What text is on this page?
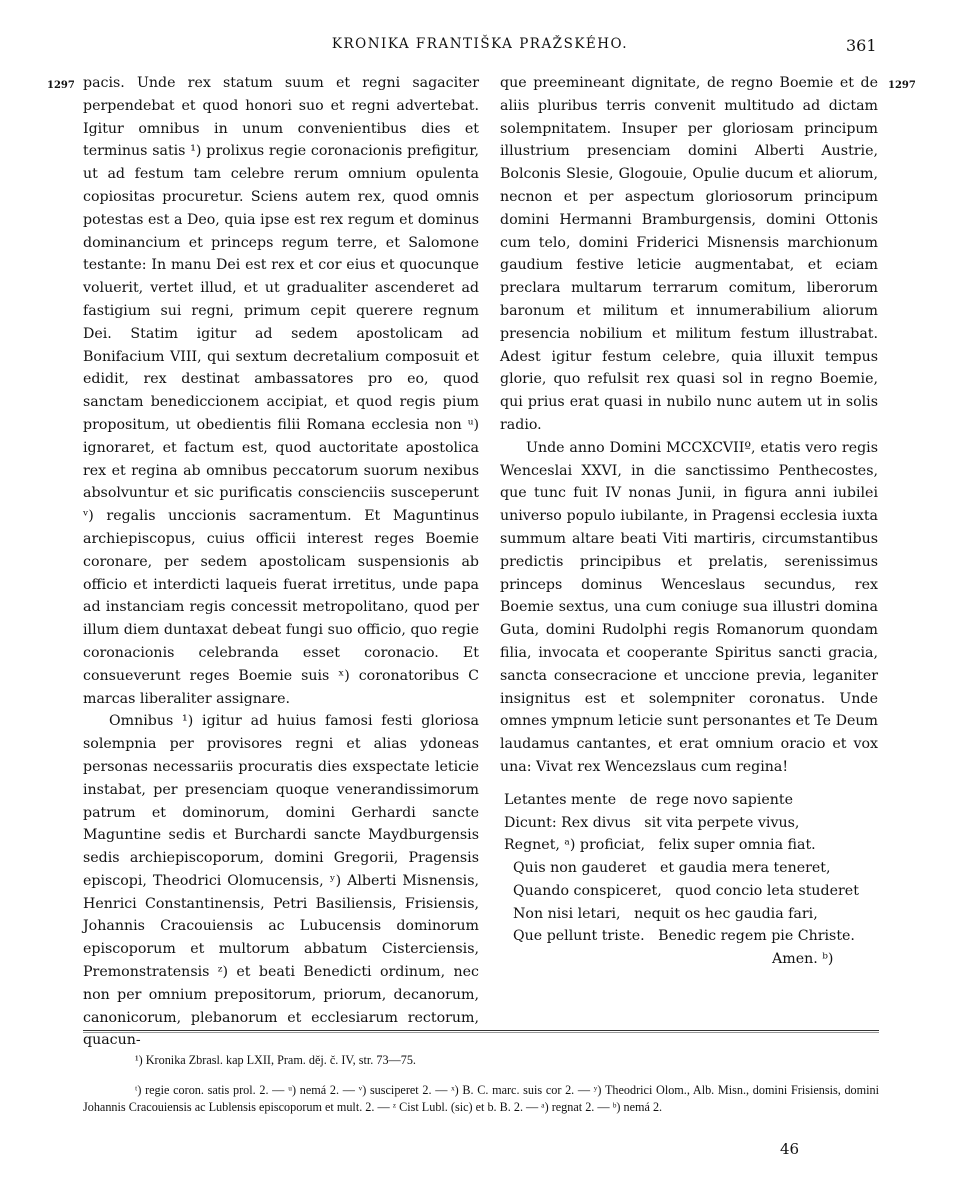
KRONIKA FRANTIŠKA PRAŽSKÉHO.	361
1297	1297

pacis. Unde rex statum suum et regni sagaciter perpendebat et quod honori suo et regni advertebat. Igitur omnibus in unum convenientibus dies et terminus satis ¹) prolixus regie coronacionis prefigitur, ut ad festum tam celebre rerum omnium opulenta copiositas procuretur. Sciens autem rex, quod omnis potestas est a Deo, quia ipse est rex regum et dominus dominancium et princeps regum terre, et Salomone testante: In manu Dei est rex et cor eius et quocunque voluerit, vertet illud, et ut gradualiter ascenderet ad fastigium sui regni, primum cepit querere regnum Dei. Statim igitur ad sedem apostolicam ad Bonifacium VIII, qui sextum decretalium composuit et edidit, rex destinat ambassatores pro eo, quod sanctam benediccionem accipiat, et quod regis pium propositum, ut obedientis filii Romana ecclesia non ᵘ) ignoraret, et factum est, quod auctoritate apostolica rex et regina ab omnibus peccatorum suorum nexibus absolvuntur et sic purificatis conscienciis susceperunt ᵛ) regalis unccionis sacramentum. Et Maguntinus archiepiscopus, cuius officii interest reges Boemie coronare, per sedem apostolicam suspensionis ab officio et interdicti laqueis fuerat irretitus, unde papa ad instanciam regis concessit metropolitano, quod per illum diem duntaxat debeat fungi suo officio, quo regie coronacionis celebranda esset coronacio. Et consueverunt reges Boemie suis ˣ) coronatoribus C marcas liberaliter assignare.

Omnibus ¹) igitur ad huius famosi festi gloriosa solempnia per provisores regni et alias ydoneas personas necessariis procuratis dies exspectate leticie instabat, per presenciam quoque venerandissimorum patrum et dominorum, domini Gerhardi sancte Maguntine sedis et Burchardi sancte Maydburgensis sedis archiepiscoporum, domini Gregorii, Pragensis episcopi, Theodrici Olomucensis, ʸ) Alberti Misnensis, Henrici Constantinensis, Petri Basiliensis, Frisiensis, Johannis Cracouiensis ac Lubucensis dominorum episcoporum et multorum abbatum Cisterciensis, Premonstratensis ᶻ) et beati Benedicti ordinum, nec non per omnium prepositorum, priorum, decanorum, canonicorum, plebanorum et ecclesiarum rectorum, quacun-

que preemineant dignitate, de regno Boemie et de aliis pluribus terris convenit multitudo ad dictam solempnitatem. Insuper per gloriosam principum illustrium presenciam domini Alberti Austrie, Bolconis Slesie, Glogouie, Opulie ducum et aliorum, necnon et per aspectum gloriosorum principum domini Hermanni Bramburgensis, domini Ottonis cum telo, domini Friderici Misnensis marchionum gaudium festive leticie augmentabat, et eciam preclara multarum terrarum comitum, liberorum baronum et militum et innumerabilium aliorum presencia nobilium et militum festum illustrabat. Adest igitur festum celebre, quia illuxit tempus glorie, quo refulsit rex quasi sol in regno Boemie, qui prius erat quasi in nubilo nunc autem ut in solis radio.

Unde anno Domini MCCXCVIIº, etatis vero regis Wenceslai XXVI, in die sanctissimo Penthecostes, que tunc fuit IV nonas Junii, in figura anni iubilei universo populo iubilante, in Pragensi ecclesia iuxta summum altare beati Viti martiris, circumstantibus predictis principibus et prelatis, serenissimus princeps dominus Wenceslaus secundus, rex Boemie sextus, una cum coniuge sua illustri domina Guta, domini Rudolphi regis Romanorum quondam filia, invocata et cooperante Spiritus sancti gracia, sancta consecracione et unccione previa, leganiter insignitus est et solempniter coronatus. Unde omnes ympnum leticie sunt personantes et Te Deum laudamus cantantes, et erat omnium oracio et vox una: Vivat rex Wencezslaus cum regina!

Letantes mente   de  rege novo sapiente
Dicunt: Rex divus   sit vita perpete vivus,
Regnet, ᵃ) proficiat,   felix super omnia fiat.
Quis non gauderet   et gaudia mera teneret,
Quando conspiceret,   quod concio leta studeret
Non nisi letari,   nequit os hec gaudia fari,
Que pellunt triste.   Benedic regem pie Christe.
Amen. ᵇ)
¹) Kronika Zbrasl. kap LXII, Pram. děj. č. IV, str. 73—75.
ᵗ) regie coron. satis prol. 2. — ᵘ) nemá 2. — ᵛ) susciperet 2. — ˣ) B. C. marc. suis cor 2. — ʸ) Theodrici Olom., Alb. Misn., domini Frisiensis, domini Johannis Cracouiensis ac Lublensis episcoporum et mult. 2. — ᶻ Cist Lubl. (sic) et b. B. 2. — ᵃ) regnat 2. — ᵇ) nemá 2.
46
